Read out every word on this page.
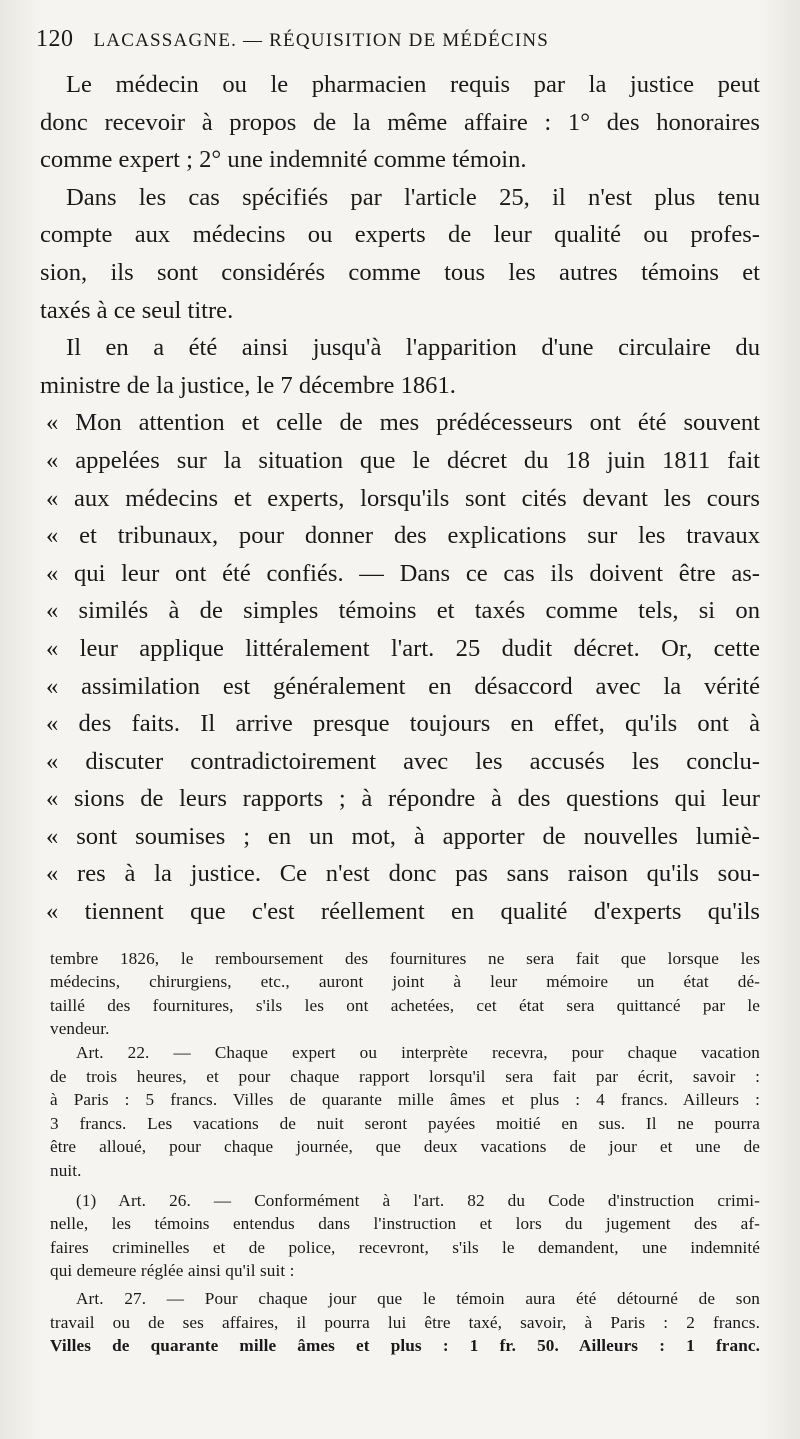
120 LACASSAGNE. — RÉQUISITION DE MÉDÉCINS
Le médecin ou le pharmacien requis par la justice peut
donc recevoir à propos de la même affaire : 1° des honoraires
comme expert ; 2° une indemnité comme témoin.
Dans les cas spécifiés par l'article 25, il n'est plus tenu
compte aux médecins ou experts de leur qualité ou profes-
sion, ils sont considérés comme tous les autres témoins et
taxés à ce seul titre.
Il en a été ainsi jusqu'à l'apparition d'une circulaire du
ministre de la justice, le 7 décembre 1861.
« Mon attention et celle de mes prédécesseurs ont été souvent
« appelées sur la situation que le décret du 18 juin 1811 fait
« aux médecins et experts, lorsqu'ils sont cités devant les cours
« et tribunaux, pour donner des explications sur les travaux
« qui leur ont été confiés. — Dans ce cas ils doivent être as-
« similés à de simples témoins et taxés comme tels, si on
« leur applique littéralement l'art. 25 dudit décret. Or, cette
« assimilation est généralement en désaccord avec la vérité
« des faits. Il arrive presque toujours en effet, qu'ils ont à
« discuter contradictoirement avec les accusés les conclu-
« sions de leurs rapports ; à répondre à des questions qui leur
« sont soumises ; en un mot, à apporter de nouvelles lumiè-
« res à la justice. Ce n'est donc pas sans raison qu'ils sou-
« tiennent que c'est réellement en qualité d'experts qu'ils
tembre 1826, le remboursement des fournitures ne sera fait que lorsque les
médecins, chirurgiens, etc., auront joint à leur mémoire un état dé-
taillé des fournitures, s'ils les ont achetées, cet état sera quittancé par le
vendeur.
Art. 22. — Chaque expert ou interprète recevra, pour chaque vacation
de trois heures, et pour chaque rapport lorsqu'il sera fait par écrit, savoir :
à Paris : 5 francs. Villes de quarante mille âmes et plus : 4 francs. Ailleurs :
3 francs. Les vacations de nuit seront payées moitié en sus. Il ne pourra
être alloué, pour chaque journée, que deux vacations de jour et une de
nuit.
(1) Art. 26. — Conformément à l'art. 82 du Code d'instruction crimi-
nelle, les témoins entendus dans l'instruction et lors du jugement des af-
faires criminelles et de police, recevront, s'ils le demandent, une indemnité
qui demeure réglée ainsi qu'il suit :
Art. 27. — Pour chaque jour que le témoin aura été détourné de son
travail ou de ses affaires, il pourra lui être taxé, savoir, à Paris : 2 francs.
Villes de quarante mille âmes et plus : 1 fr. 50. Ailleurs : 1 franc.
